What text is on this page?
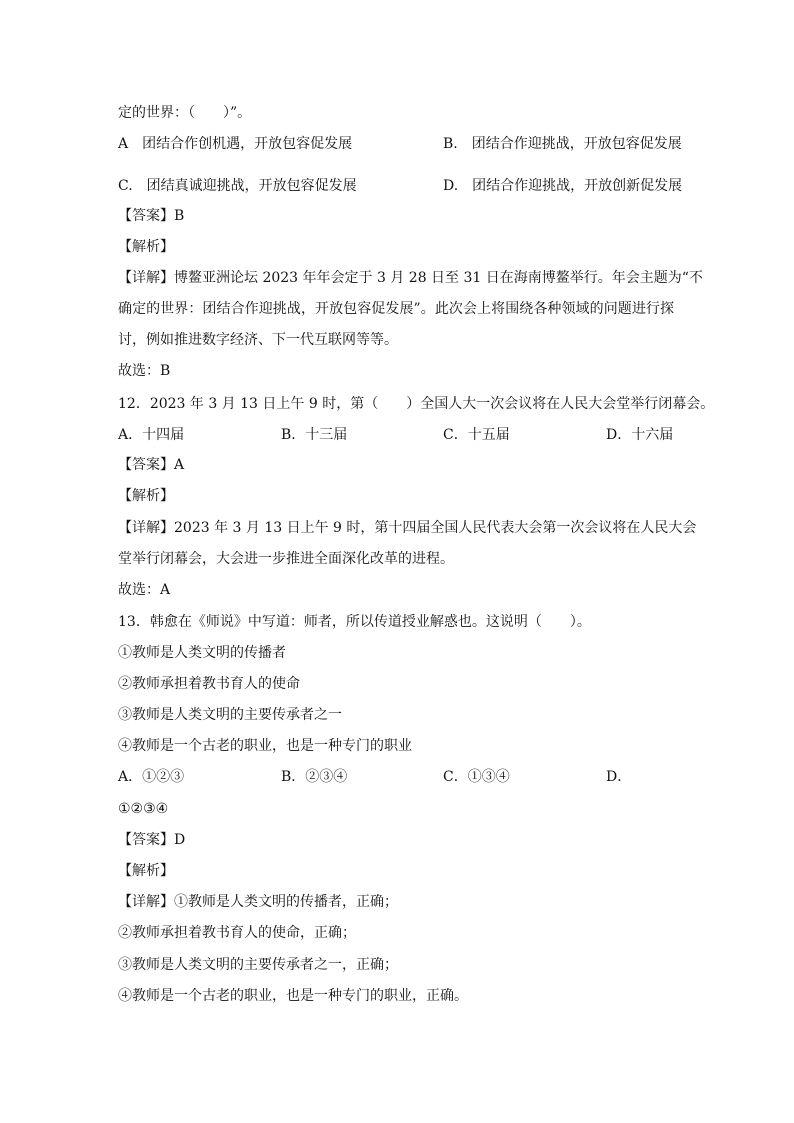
定的世界：（　　）”。
A　团结合作创机遇，开放包容促发展	B.　团结合作迎挑战，开放包容促发展
C.　团结真诚迎挑战，开放包容促发展	D.　团结合作迎挑战，开放创新促发展
【答案】B
【解析】
【详解】博鳌亚洲论坛 2023 年年会定于 3 月 28 日至 31 日在海南博鳌举行。年会主题为“不
确定的世界：团结合作迎挑战，开放包容促发展”。此次会上将围绕各种领域的问题进行探
讨，例如推进数字经济、下一代互联网等等。
故选：B
12．2023 年 3 月 13 日上午 9 时，第（　　）全国人大一次会议将在人民大会堂举行闭幕会。
A．十四届	B．十三届	C．十五届	D．十六届
【答案】A
【解析】
【详解】2023 年 3 月 13 日上午 9 时，第十四届全国人民代表大会第一次会议将在人民大会
堂举行闭幕会，大会进一步推进全面深化改革的进程。
故选：A
13．韩愈在《师说》中写道：师者，所以传道授业解惑也。这说明（　　）。
①教师是人类文明的传播者
②教师承担着教书育人的使命
③教师是人类文明的主要传承者之一
④教师是一个古老的职业，也是一种专门的职业
A．①②③	B．②③④	C．①③④	D．
①②③④
【答案】D
【解析】
【详解】①教师是人类文明的传播者，正确；
②教师承担着教书育人的使命，正确；
③教师是人类文明的主要传承者之一，正确；
④教师是一个古老的职业，也是一种专门的职业，正确。
